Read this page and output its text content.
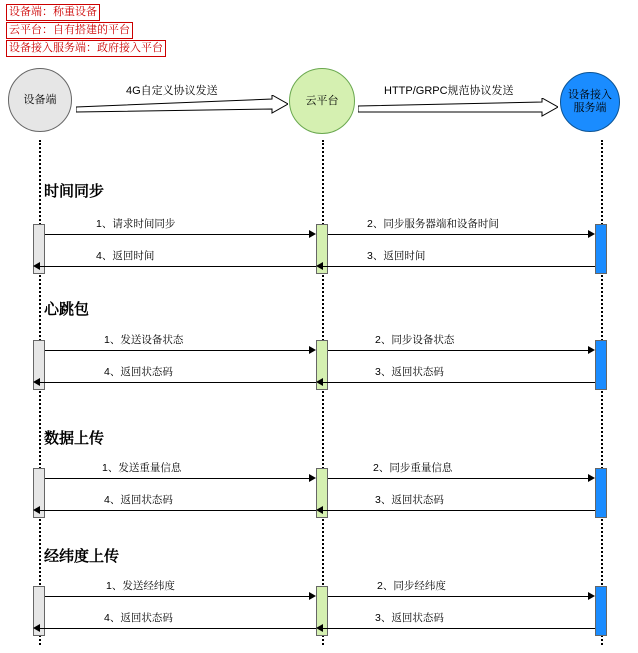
设备端：称重设备
云平台：自有搭建的平台
设备接入服务端：政府接入平台
设备端	云平台	设备接入服务端
4G自定义协议发送	HTTP/GRPC规范协议发送
时间同步
1、请求时间同步	2、同步服务器端和设备时间
4、返回时间	3、返回时间
心跳包
1、发送设备状态	2、同步设备状态
4、返回状态码	3、返回状态码
数据上传
1、发送重量信息	2、同步重量信息
4、返回状态码	3、返回状态码
经纬度上传
1、发送经纬度	2、同步经纬度
4、返回状态码	3、返回状态码
